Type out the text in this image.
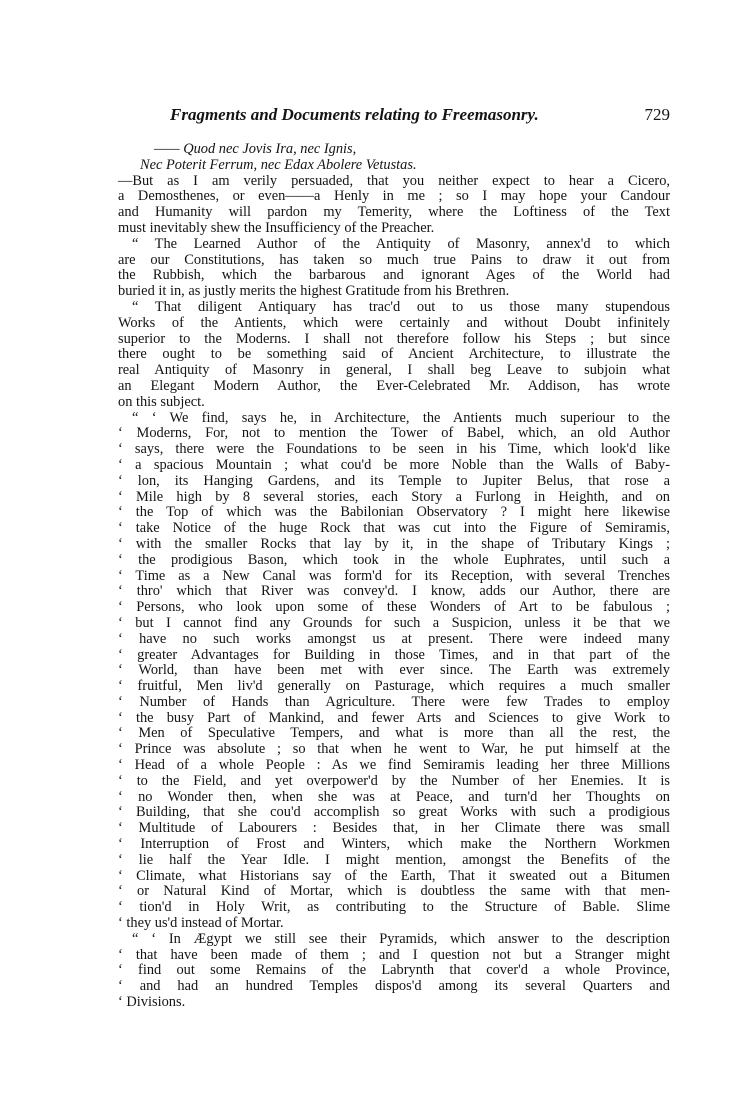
Fragments and Documents relating to Freemasonry.	729
—— Quod nec Jovis Ira, nec Ignis,
Nec Poterit Ferrum, nec Edax Abolere Vetustas.
—But as I am verily persuaded, that you neither expect to hear a Cicero,
a Demosthenes, or even——a Henly in me ; so I may hope your Candour
and Humanity will pardon my Temerity, where the Loftiness of the Text
must inevitably shew the Insufficiency of the Preacher.
“ The Learned Author of the Antiquity of Masonry, annex'd to which
are our Constitutions, has taken so much true Pains to draw it out from
the Rubbish, which the barbarous and ignorant Ages of the World had
buried it in, as justly merits the highest Gratitude from his Brethren.
“ That diligent Antiquary has trac'd out to us those many stupendous
Works of the Antients, which were certainly and without Doubt infinitely
superior to the Moderns. I shall not therefore follow his Steps ; but since
there ought to be something said of Ancient Architecture, to illustrate the
real Antiquity of Masonry in general, I shall beg Leave to subjoin what
an Elegant Modern Author, the Ever-Celebrated Mr. Addison, has wrote
on this subject.
“ ‘ We find, says he, in Architecture, the Antients much superiour to the
‘ Moderns, For, not to mention the Tower of Babel, which, an old Author
‘ says, there were the Foundations to be seen in his Time, which look'd like
‘ a spacious Mountain ; what cou'd be more Noble than the Walls of Baby-
‘ lon, its Hanging Gardens, and its Temple to Jupiter Belus, that rose a
‘ Mile high by 8 several stories, each Story a Furlong in Heighth, and on
‘ the Top of which was the Babilonian Observatory ? I might here likewise
‘ take Notice of the huge Rock that was cut into the Figure of Semiramis,
‘ with the smaller Rocks that lay by it, in the shape of Tributary Kings ;
‘ the prodigious Bason, which took in the whole Euphrates, until such a
‘ Time as a New Canal was form'd for its Reception, with several Trenches
‘ thro' which that River was convey'd. I know, adds our Author, there are
‘ Persons, who look upon some of these Wonders of Art to be fabulous ;
‘ but I cannot find any Grounds for such a Suspicion, unless it be that we
‘ have no such works amongst us at present. There were indeed many
‘ greater Advantages for Building in those Times, and in that part of the
‘ World, than have been met with ever since. The Earth was extremely
‘ fruitful, Men liv'd generally on Pasturage, which requires a much smaller
‘ Number of Hands than Agriculture. There were few Trades to employ
‘ the busy Part of Mankind, and fewer Arts and Sciences to give Work to
‘ Men of Speculative Tempers, and what is more than all the rest, the
‘ Prince was absolute ; so that when he went to War, he put himself at the
‘ Head of a whole People : As we find Semiramis leading her three Millions
‘ to the Field, and yet overpower'd by the Number of her Enemies. It is
‘ no Wonder then, when she was at Peace, and turn'd her Thoughts on
‘ Building, that she cou'd accomplish so great Works with such a prodigious
‘ Multitude of Labourers : Besides that, in her Climate there was small
‘ Interruption of Frost and Winters, which make the Northern Workmen
‘ lie half the Year Idle. I might mention, amongst the Benefits of the
‘ Climate, what Historians say of the Earth, That it sweated out a Bitumen
‘ or Natural Kind of Mortar, which is doubtless the same with that men-
‘ tion'd in Holy Writ, as contributing to the Structure of Bable. Slime
‘ they us'd instead of Mortar.
“ ‘ In Ægypt we still see their Pyramids, which answer to the description
‘ that have been made of them ; and I question not but a Stranger might
‘ find out some Remains of the Labrynth that cover'd a whole Province,
‘ and had an hundred Temples dispos'd among its several Quarters and
‘ Divisions.
